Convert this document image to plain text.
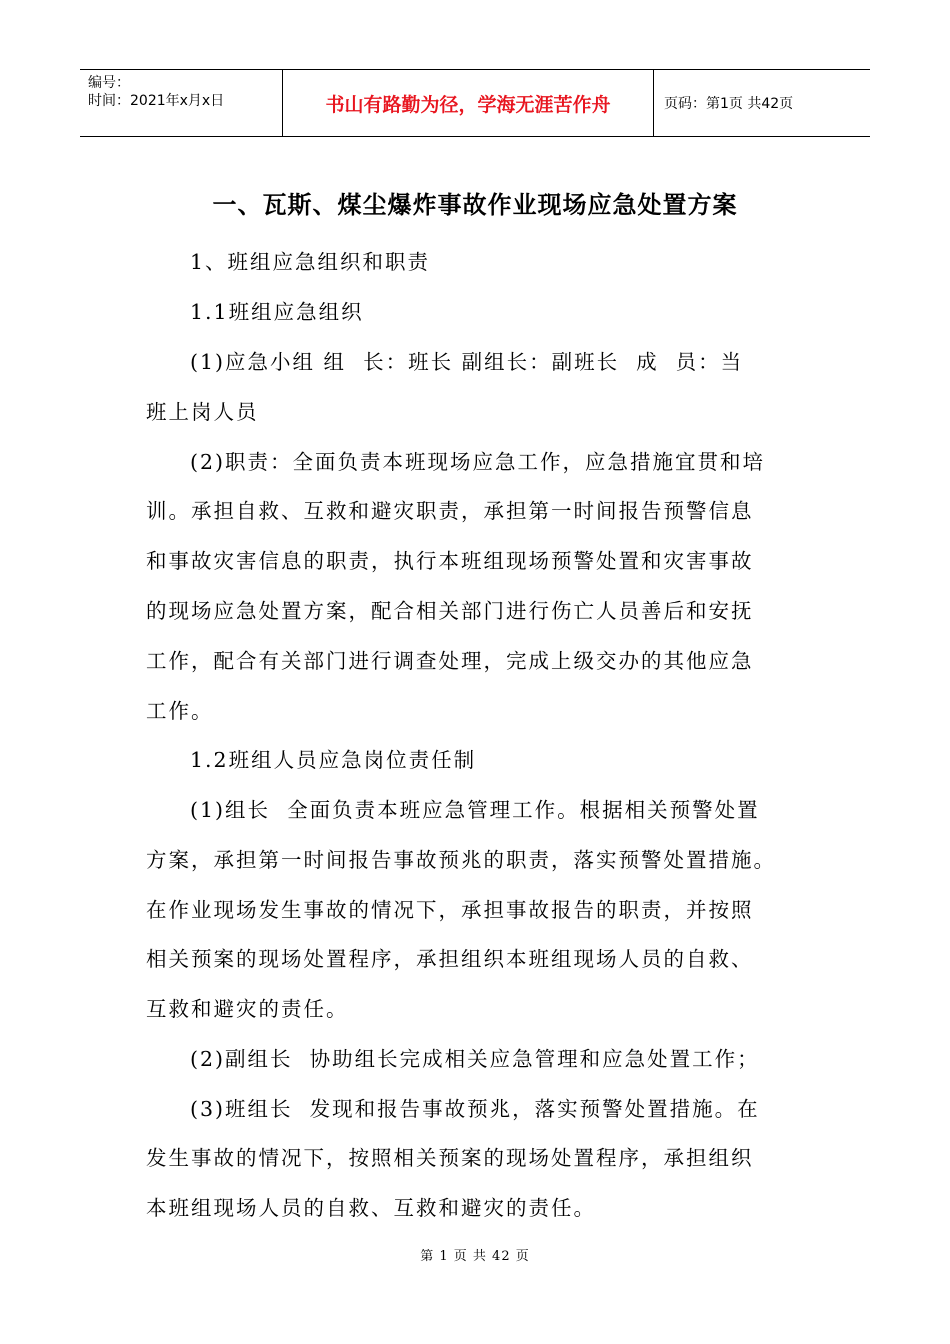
编号：
时间：2021年x月x日	书山有路勤为径，学海无涯苦作舟	页码：第1页 共42页
一、瓦斯、煤尘爆炸事故作业现场应急处置方案
1、班组应急组织和职责
1.1班组应急组织
(1)应急小组 组  长：班长 副组长：副班长  成  员：当
班上岗人员
(2)职责：全面负责本班现场应急工作，应急措施宜贯和培
训。承担自救、互救和避灾职责，承担第一时间报告预警信息
和事故灾害信息的职责，执行本班组现场预警处置和灾害事故
的现场应急处置方案，配合相关部门进行伤亡人员善后和安抚
工作，配合有关部门进行调查处理，完成上级交办的其他应急
工作。
1.2班组人员应急岗位责任制
(1)组长  全面负责本班应急管理工作。根据相关预警处置
方案，承担第一时间报告事故预兆的职责，落实预警处置措施。
在作业现场发生事故的情况下，承担事故报告的职责，并按照
相关预案的现场处置程序，承担组织本班组现场人员的自救、
互救和避灾的责任。
(2)副组长  协助组长完成相关应急管理和应急处置工作；
(3)班组长  发现和报告事故预兆，落实预警处置措施。在
发生事故的情况下，按照相关预案的现场处置程序，承担组织
本班组现场人员的自救、互救和避灾的责任。
第 1 页 共 42 页
